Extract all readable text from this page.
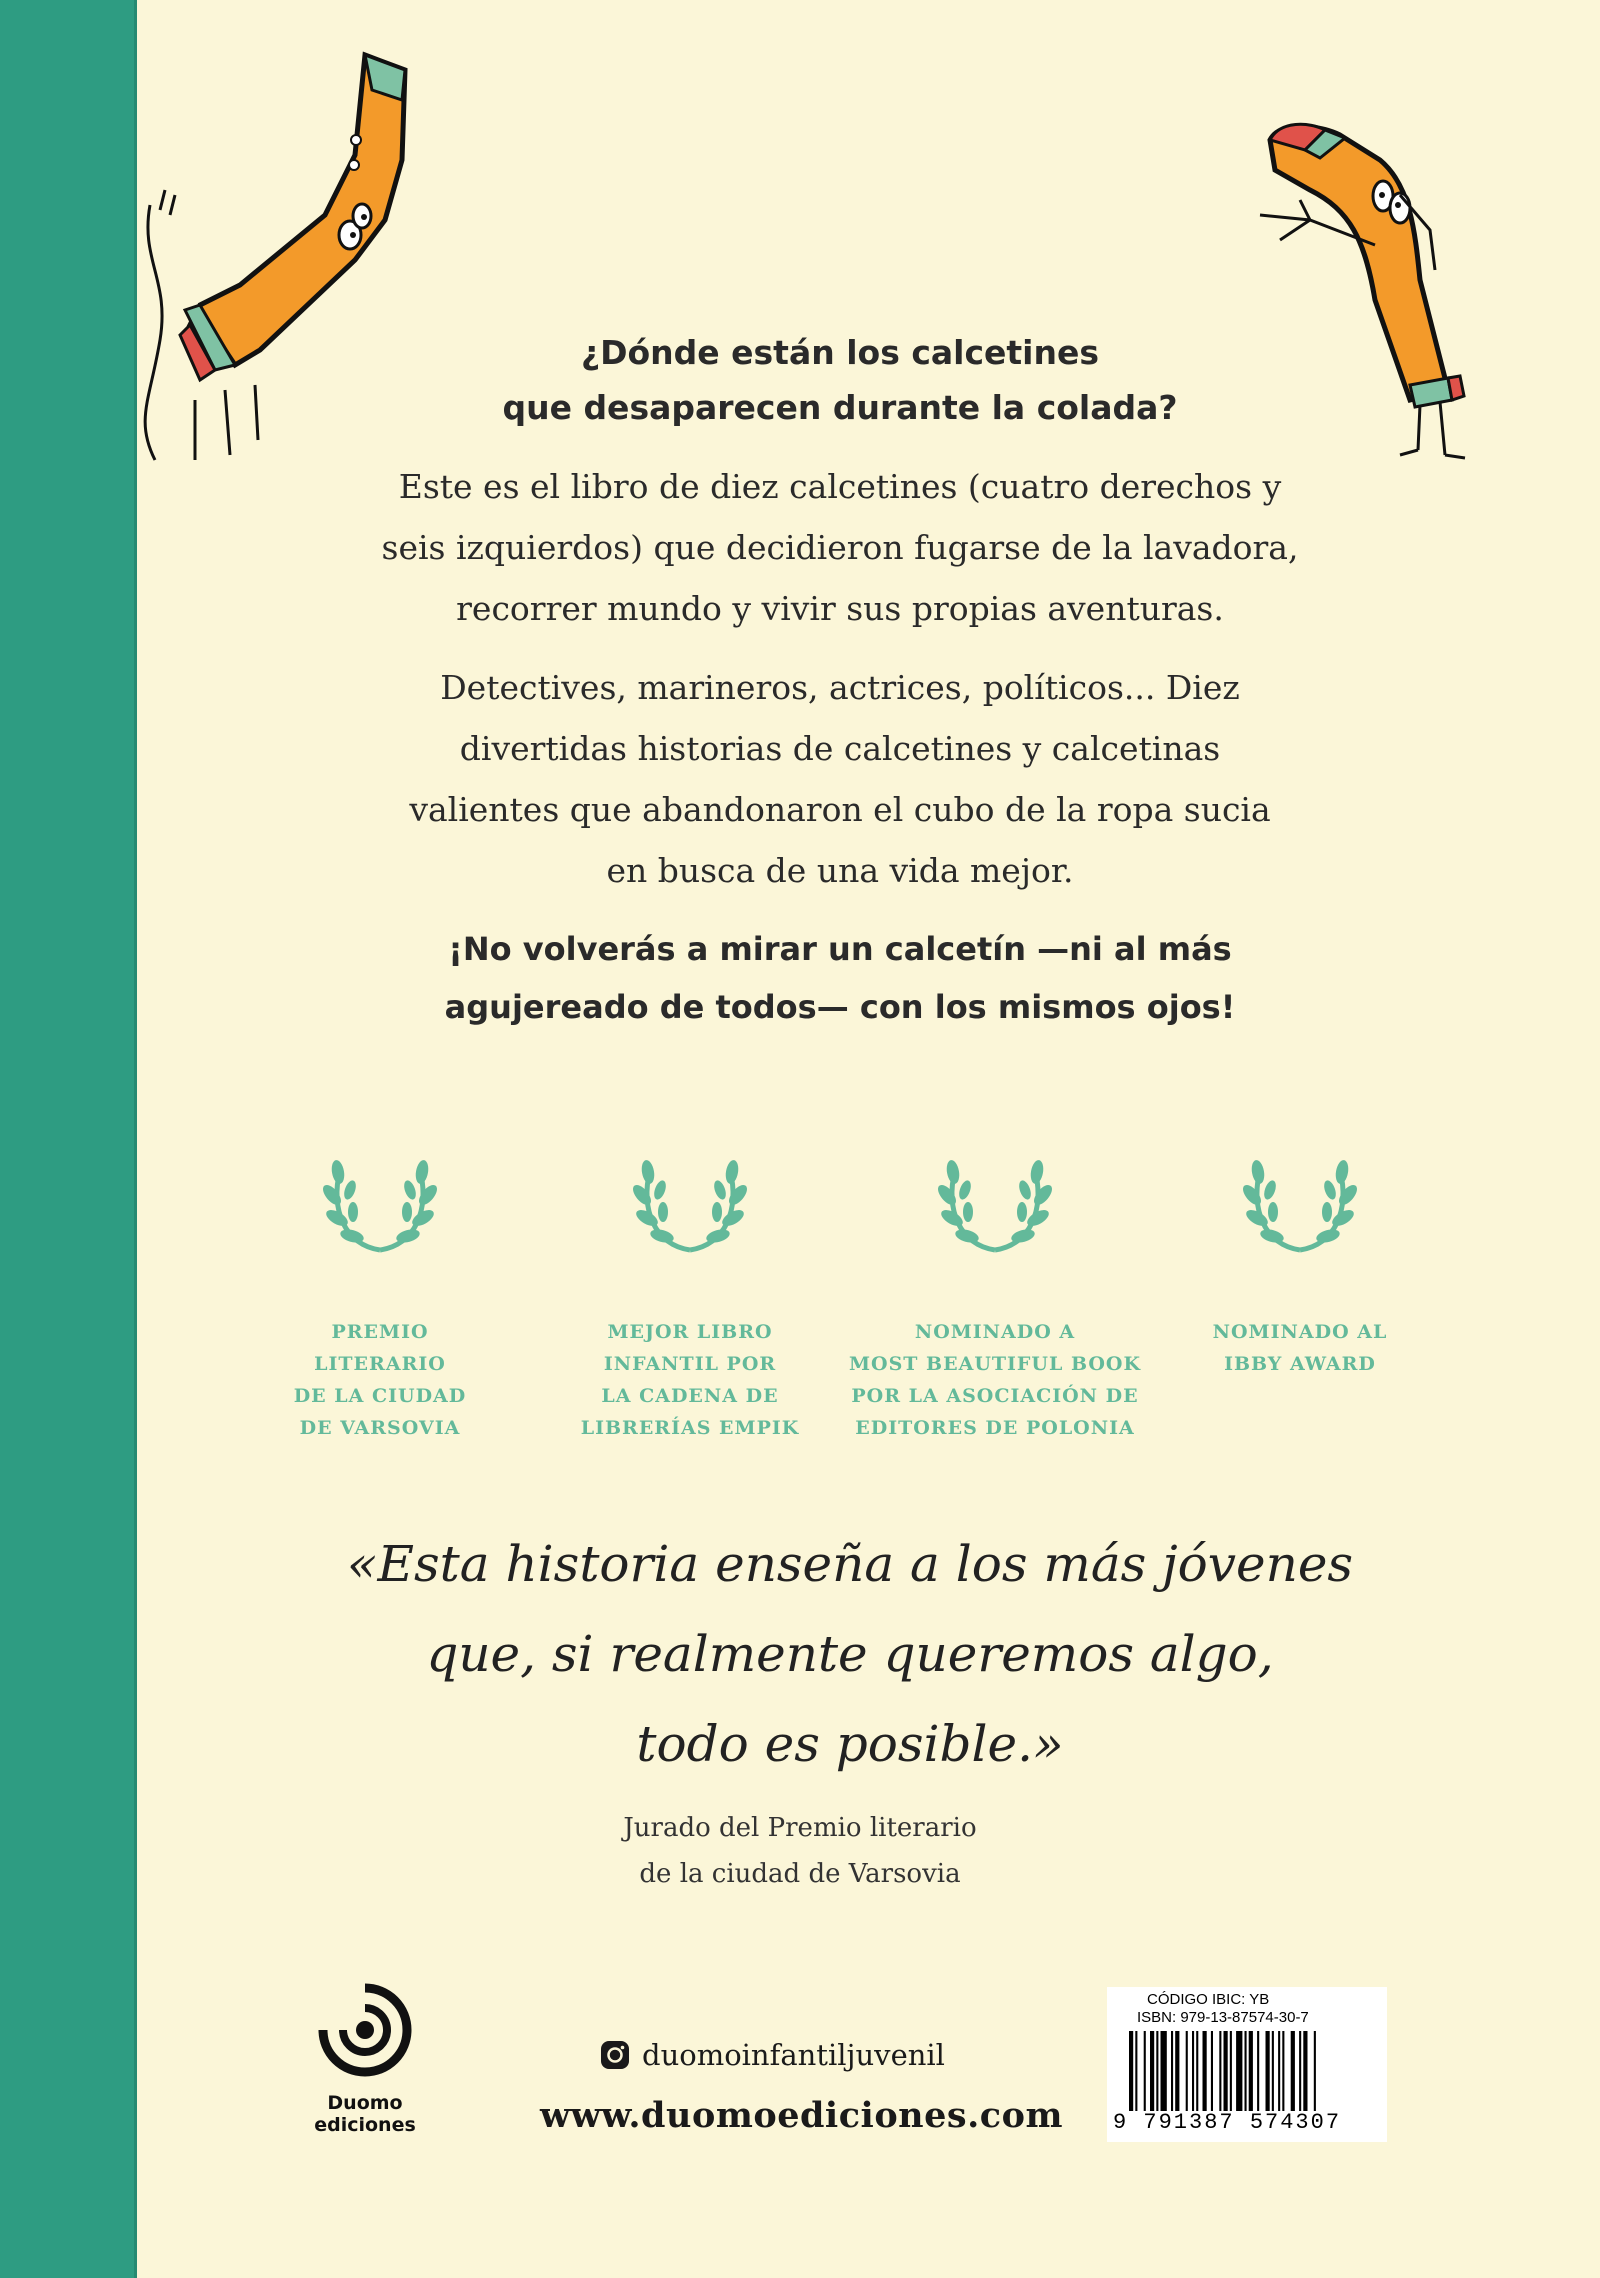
¿Dónde están los calcetines
que desaparecen durante la colada?
Este es el libro de diez calcetines (cuatro derechos y
seis izquierdos) que decidieron fugarse de la lavadora,
recorrer mundo y vivir sus propias aventuras.
Detectives, marineros, actrices, políticos... Diez
divertidas historias de calcetines y calcetinas
valientes que abandonaron el cubo de la ropa sucia
en busca de una vida mejor.
¡No volverás a mirar un calcetín —ni al más
agujereado de todos— con los mismos ojos!
PREMIO
LITERARIO
DE LA CIUDAD
DE VARSOVIA
MEJOR LIBRO
INFANTIL POR
LA CADENA DE
LIBRERÍAS EMPIK
NOMINADO A
MOST BEAUTIFUL BOOK
POR LA ASOCIACIÓN DE
EDITORES DE POLONIA
NOMINADO AL
IBBY AWARD
«Esta historia enseña a los más jóvenes
que, si realmente queremos algo,
todo es posible.»
Jurado del Premio literario
de la ciudad de Varsovia
Duomo ediciones
duomoinfantiljuvenil
www.duomoediciones.com
CÓDIGO IBIC: YB
ISBN: 979-13-87574-30-7
9 791387 574307
